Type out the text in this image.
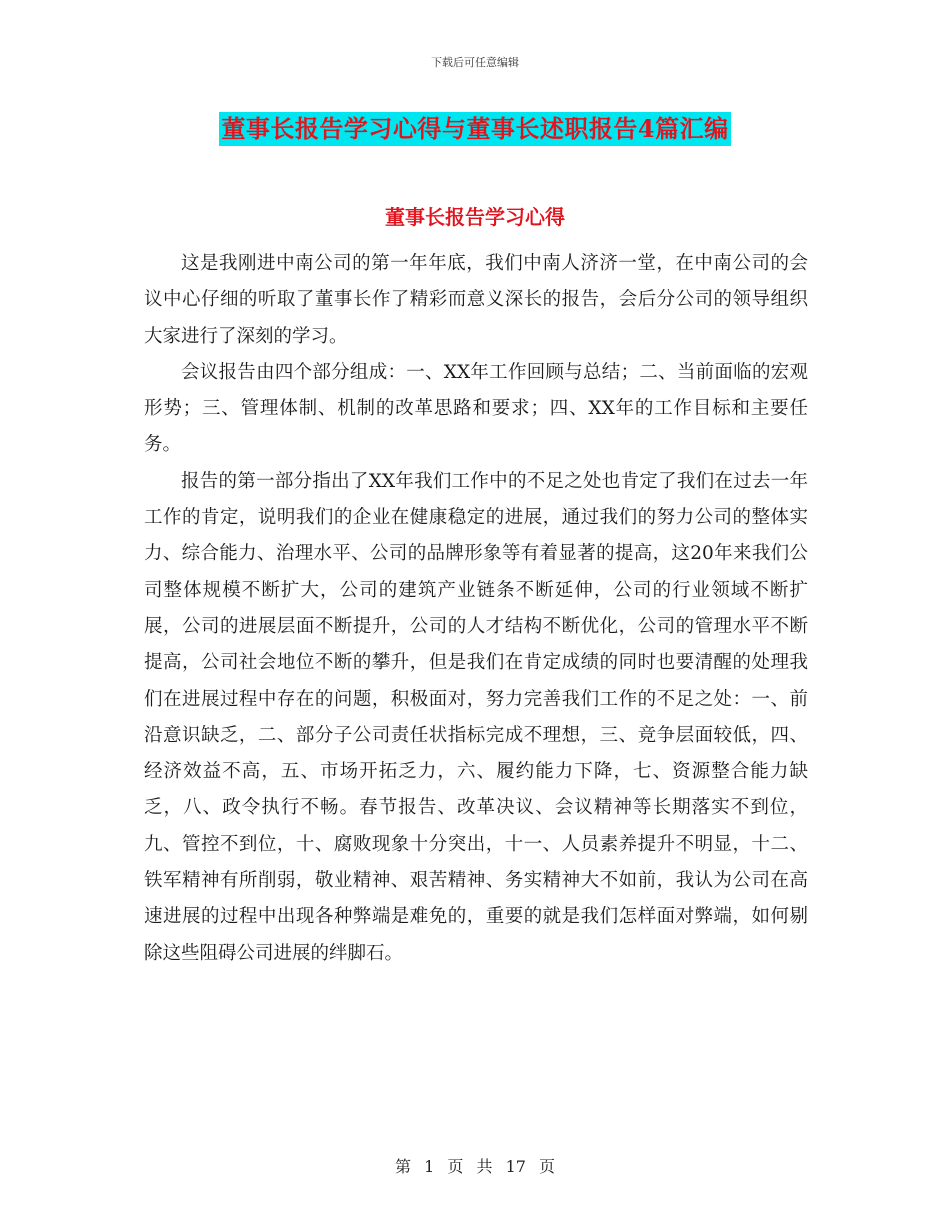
下载后可任意编辑
董事长报告学习心得与董事长述职报告4篇汇编
董事长报告学习心得

这是我刚进中南公司的第一年年底，我们中南人济济一堂，在中南公司的会议中心仔细的听取了董事长作了精彩而意义深长的报告，会后分公司的领导组织大家进行了深刻的学习。

会议报告由四个部分组成：一、XX年工作回顾与总结；二、当前面临的宏观形势；三、管理体制、机制的改革思路和要求；四、XX年的工作目标和主要任务。

报告的第一部分指出了XX年我们工作中的不足之处也肯定了我们在过去一年工作的肯定，说明我们的企业在健康稳定的进展，通过我们的努力公司的整体实力、综合能力、治理水平、公司的品牌形象等有着显著的提高，这20年来我们公司整体规模不断扩大，公司的建筑产业链条不断延伸，公司的行业领域不断扩展，公司的进展层面不断提升，公司的人才结构不断优化，公司的管理水平不断提高，公司社会地位不断的攀升，但是我们在肯定成绩的同时也要清醒的处理我们在进展过程中存在的问题，积极面对，努力完善我们工作的不足之处：一、前沿意识缺乏，二、部分子公司责任状指标完成不理想，三、竞争层面较低，四、经济效益不高，五、市场开拓乏力，六、履约能力下降，七、资源整合能力缺乏，八、政令执行不畅。春节报告、改革决议、会议精神等长期落实不到位，九、管控不到位，十、腐败现象十分突出，十一、人员素养提升不明显，十二、铁军精神有所削弱，敬业精神、艰苦精神、务实精神大不如前，我认为公司在高速进展的过程中出现各种弊端是难免的，重要的就是我们怎样面对弊端，如何剔除这些阻碍公司进展的绊脚石。

第 1 页 共 17 页
